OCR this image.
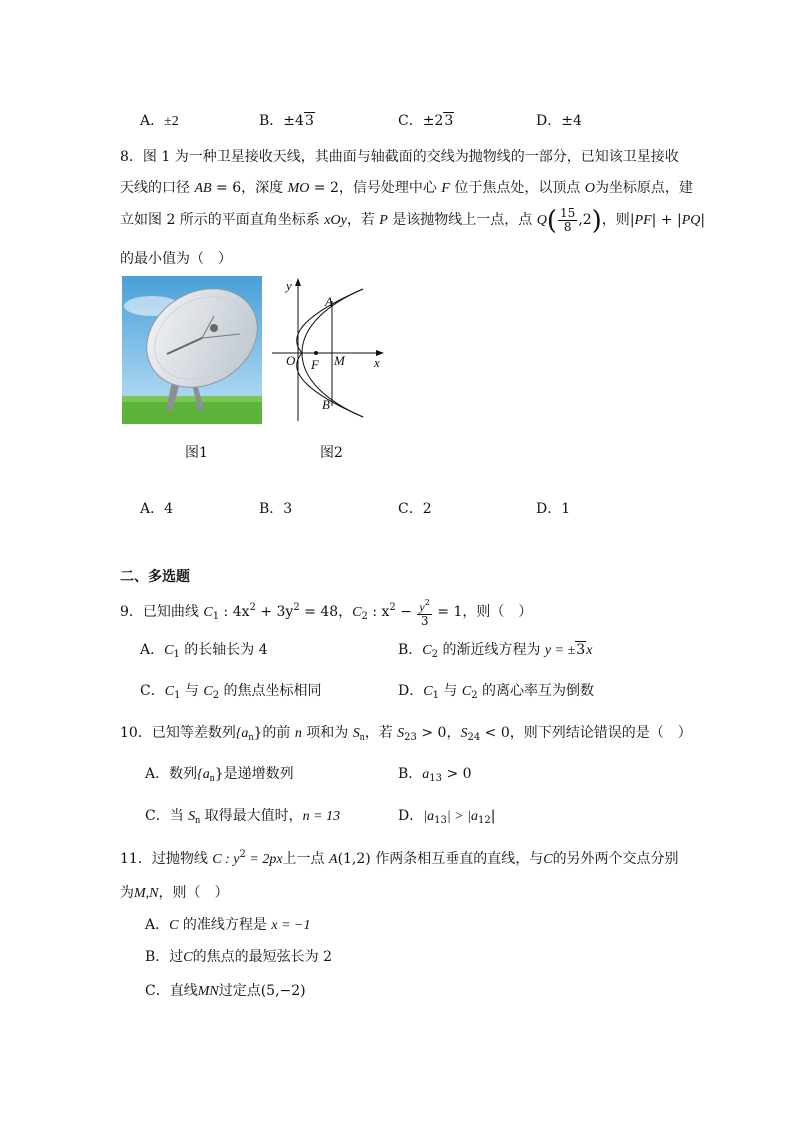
A．±2	B．±43	C．±23	D．±4
8．图 1 为一种卫星接收天线，其曲面与轴截面的交线为抛物线的一部分，已知该卫星接收
天线的口径 AB = 6，深度 MO = 2，信号处理中心 F 位于焦点处，以顶点 O为坐标原点，建
立如图 2 所示的平面直角坐标系 xOy，若 P 是该抛物线上一点，点 $Q( \frac{15}{8} ,2)$，则|PF| + |PQ|
的最小值为（　）
y
x
A
B
O F M
图1	图2
A．4	B．3	C．2	D．1
二、多选题
9．已知曲线 $C_1$ : $4x^2 + 3y^2 = 48$，$C_2$ : $x^2 - \frac{y^2}{3} = 1$，则（　）
A．$C_1$ 的长轴长为 4	B．$C_2$ 的渐近线方程为 y = ±3x
C．$C_1$ 与 $C_2$ 的焦点坐标相同	D．$C_1$ 与 $C_2$ 的离心率互为倒数
10．已知等差数列$\{a_n\}$的前 n 项和为 $S_n$，若 $S_{23} > 0$，$S_{24} < 0$，则下列结论错误的是（　）
A．数列$\{a_n\}$是递增数列	B．$a_{13} > 0$
C．当 $S_n$ 取得最大值时，n = 13	D．$|a_{13}| > |a_{12}|$
11．过抛物线 C : $y^2 = 2px$上一点 A(1,2) 作两条相互垂直的直线，与C的另外两个交点分别
为M,N，则（　）
A．C 的准线方程是 x = −1
B．过C的焦点的最短弦长为 2
C．直线MN过定点(5,−2)
